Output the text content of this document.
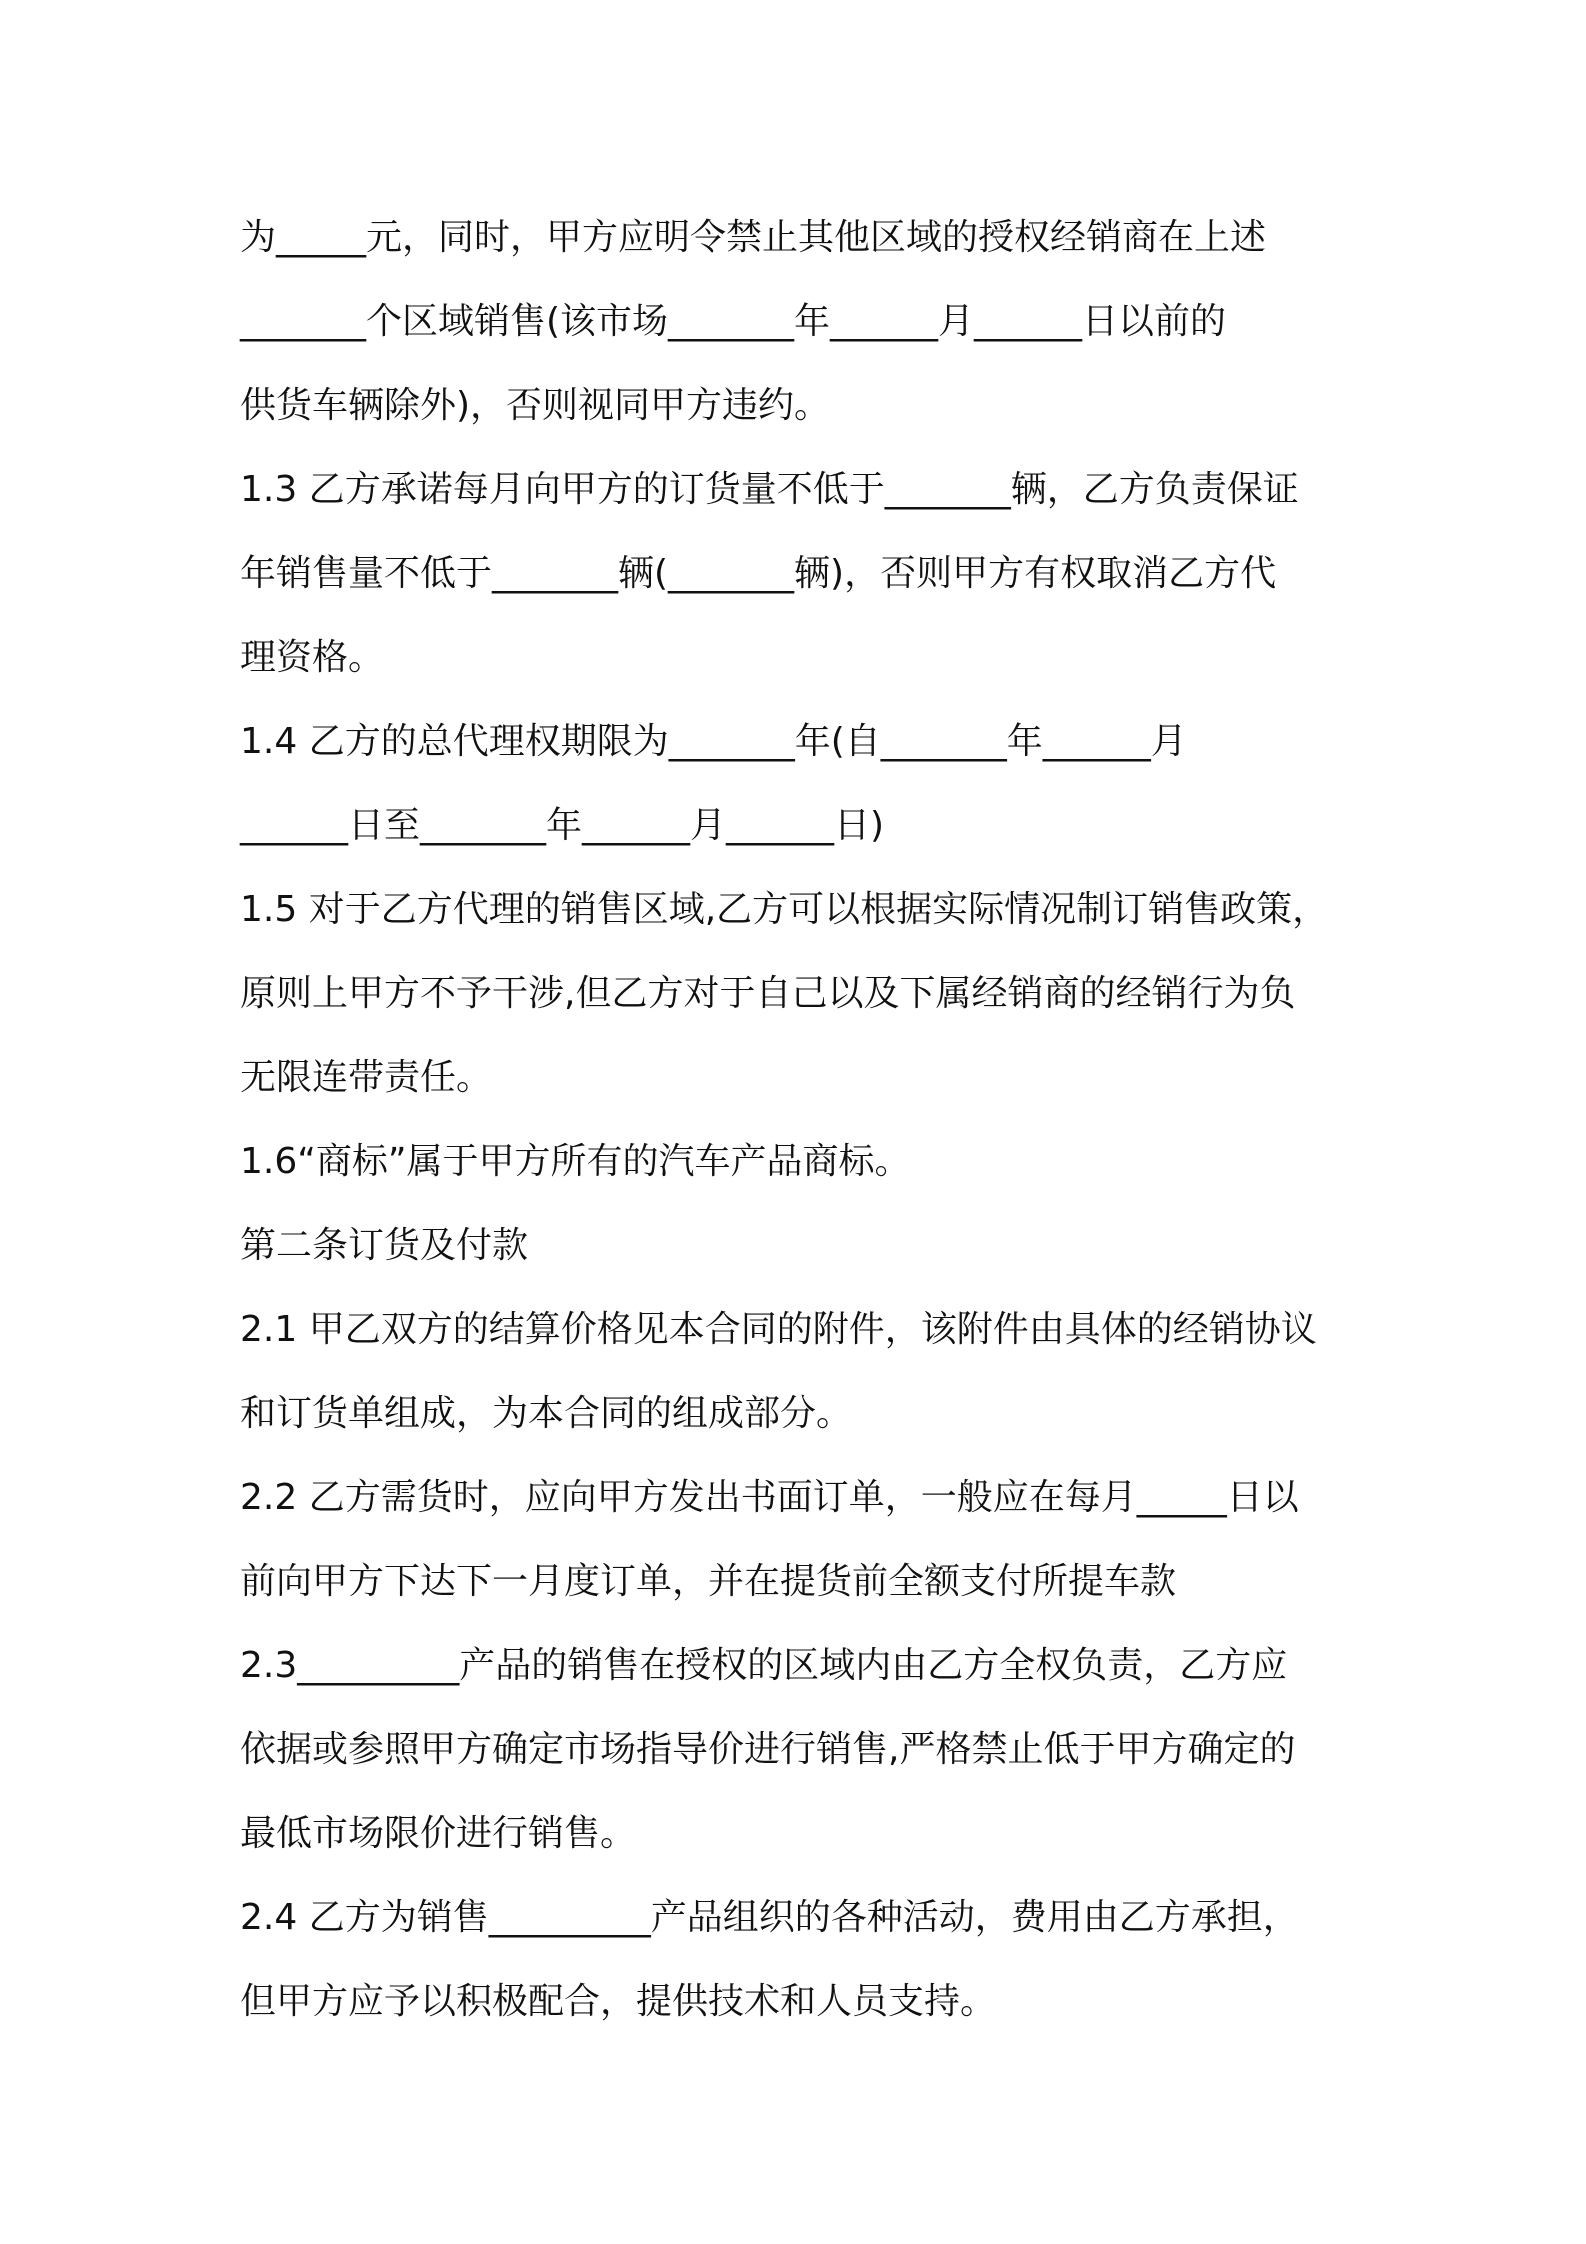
为_____元，同时，甲方应明令禁止其他区域的授权经销商在上述
_______个区域销售(该市场_______年______月______日以前的
供货车辆除外)，否则视同甲方违约。
1.3 乙方承诺每月向甲方的订货量不低于_______辆，乙方负责保证
年销售量不低于_______辆(_______辆)，否则甲方有权取消乙方代
理资格。
1.4 乙方的总代理权期限为_______年(自_______年______月
______日至_______年______月______日)
1.5 对于乙方代理的销售区域,乙方可以根据实际情况制订销售政策，
原则上甲方不予干涉,但乙方对于自己以及下属经销商的经销行为负
无限连带责任。
1.6“商标”属于甲方所有的汽车产品商标。
第二条订货及付款
2.1 甲乙双方的结算价格见本合同的附件，该附件由具体的经销协议
和订货单组成，为本合同的组成部分。
2.2 乙方需货时，应向甲方发出书面订单，一般应在每月_____日以
前向甲方下达下一月度订单，并在提货前全额支付所提车款
2.3_________产品的销售在授权的区域内由乙方全权负责，乙方应
依据或参照甲方确定市场指导价进行销售,严格禁止低于甲方确定的
最低市场限价进行销售。
2.4 乙方为销售_________产品组织的各种活动，费用由乙方承担，
但甲方应予以积极配合，提供技术和人员支持。
